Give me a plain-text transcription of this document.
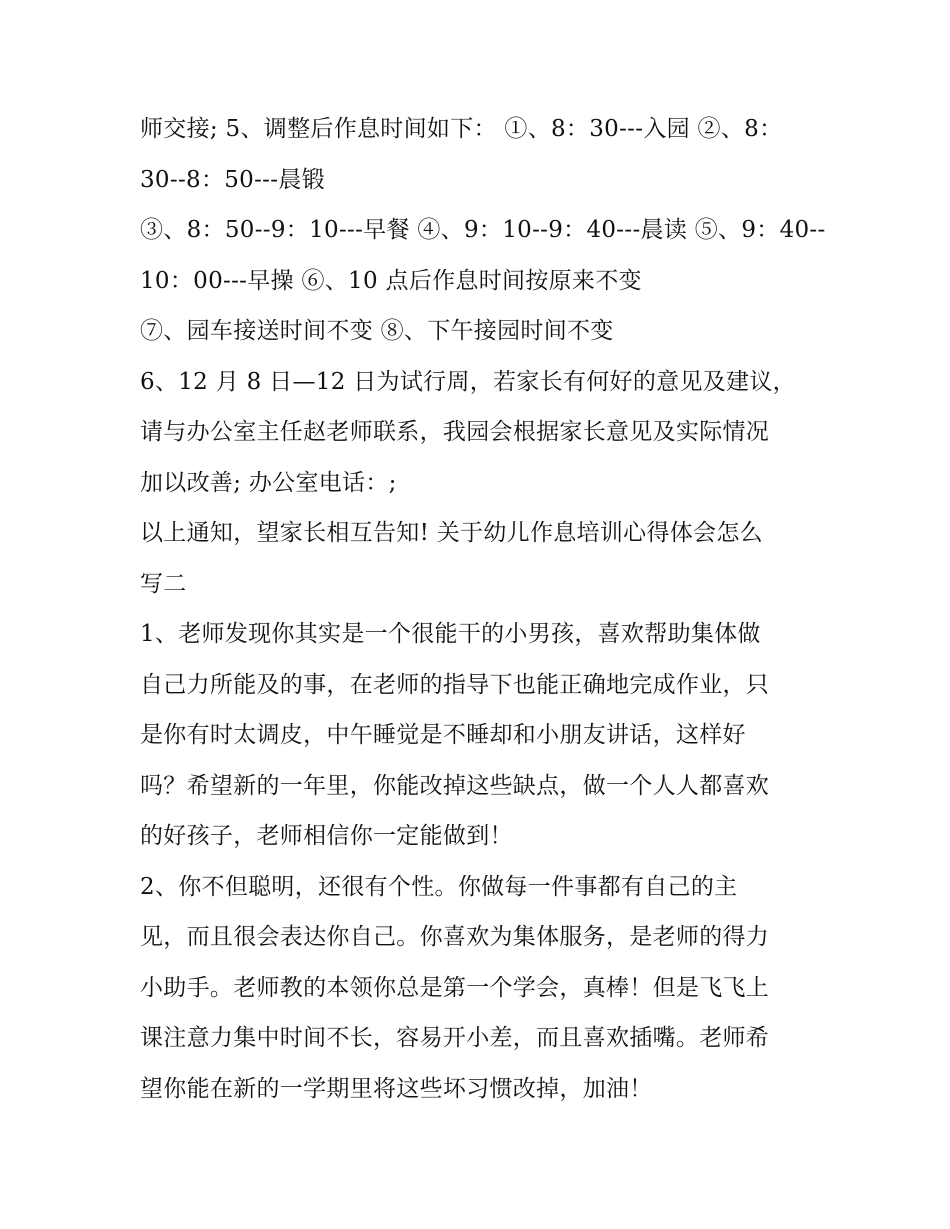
师交接; 5、调整后作息时间如下： ①、8：30---入园 ②、8：
30--8：50---晨锻
③、8：50--9：10---早餐 ④、9：10--9：40---晨读 ⑤、9：40--
10：00---早操 ⑥、10 点后作息时间按原来不变
⑦、园车接送时间不变 ⑧、下午接园时间不变
6、12 月 8 日—12 日为试行周，若家长有何好的意见及建议，
请与办公室主任赵老师联系，我园会根据家长意见及实际情况
加以改善; 办公室电话：;
以上通知，望家长相互告知! 关于幼儿作息培训心得体会怎么
写二
1、老师发现你其实是一个很能干的小男孩，喜欢帮助集体做
自己力所能及的事，在老师的指导下也能正确地完成作业，只
是你有时太调皮，中午睡觉是不睡却和小朋友讲话，这样好
吗？希望新的一年里，你能改掉这些缺点，做一个人人都喜欢
的好孩子，老师相信你一定能做到！
2、你不但聪明，还很有个性。你做每一件事都有自己的主
见，而且很会表达你自己。你喜欢为集体服务，是老师的得力
小助手。老师教的本领你总是第一个学会，真棒！但是飞飞上
课注意力集中时间不长，容易开小差，而且喜欢插嘴。老师希
望你能在新的一学期里将这些坏习惯改掉，加油！
